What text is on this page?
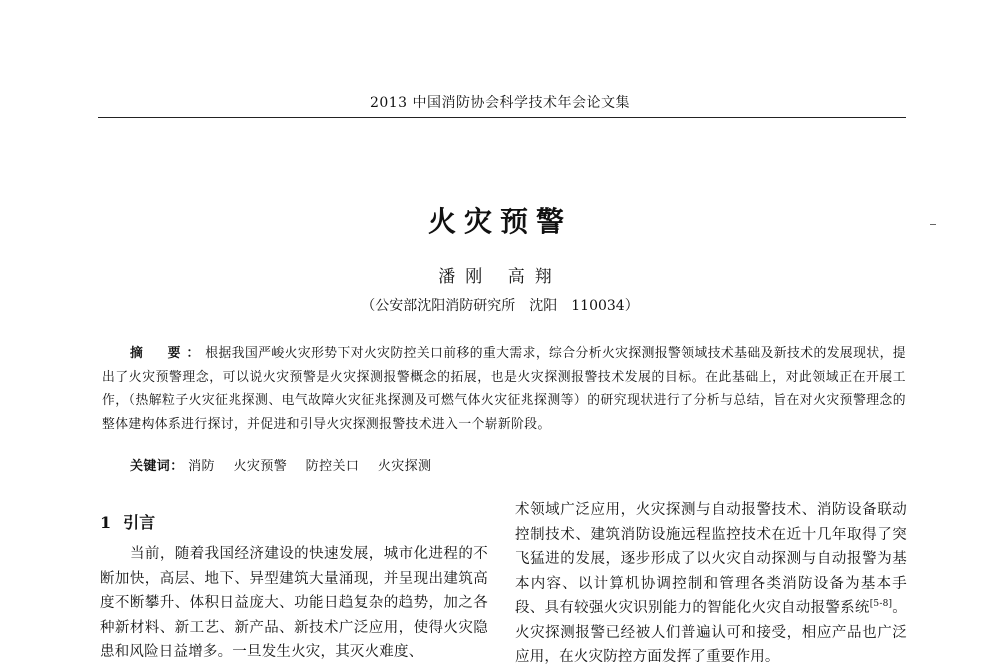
2013 中国消防协会科学技术年会论文集
火灾预警
潘刚 高翔
（公安部沈阳消防研究所　沈阳　110034）
摘　要：根据我国严峻火灾形势下对火灾防控关口前移的重大需求，综合分析火灾探测报警领域技术基础及新技术的发展现状，提出了火灾预警理念，可以说火灾预警是火灾探测报警概念的拓展，也是火灾探测报警技术发展的目标。在此基础上，对此领域正在开展工作，（热解粒子火灾征兆探测、电气故障火灾征兆探测及可燃气体火灾征兆探测等）的研究现状进行了分析与总结，旨在对火灾预警理念的整体建构体系进行探讨，并促进和引导火灾探测报警技术进入一个崭新阶段。
关键词： 消防 火灾预警 防控关口 火灾探测
1 引言
当前，随着我国经济建设的快速发展，城市化进程的不断加快，高层、地下、异型建筑大量涌现，并呈现出建筑高度不断攀升、体积日益庞大、功能日趋复杂的趋势，加之各种新材料、新工艺、新产品、新技术广泛应用，使得火灾隐患和风险日益增多。一旦发生火灾，其灭火难度、
术领域广泛应用，火灾探测与自动报警技术、消防设备联动控制技术、建筑消防设施远程监控技术在近十几年取得了突飞猛进的发展，逐步形成了以火灾自动探测与自动报警为基本内容、以计算机协调控制和管理各类消防设备为基本手段、具有较强火灾识别能力的智能化火灾自动报警系统[5-8]。火灾探测报警已经被人们普遍认可和接受，相应产品也广泛应用，在火灾防控方面发挥了重要作用。
